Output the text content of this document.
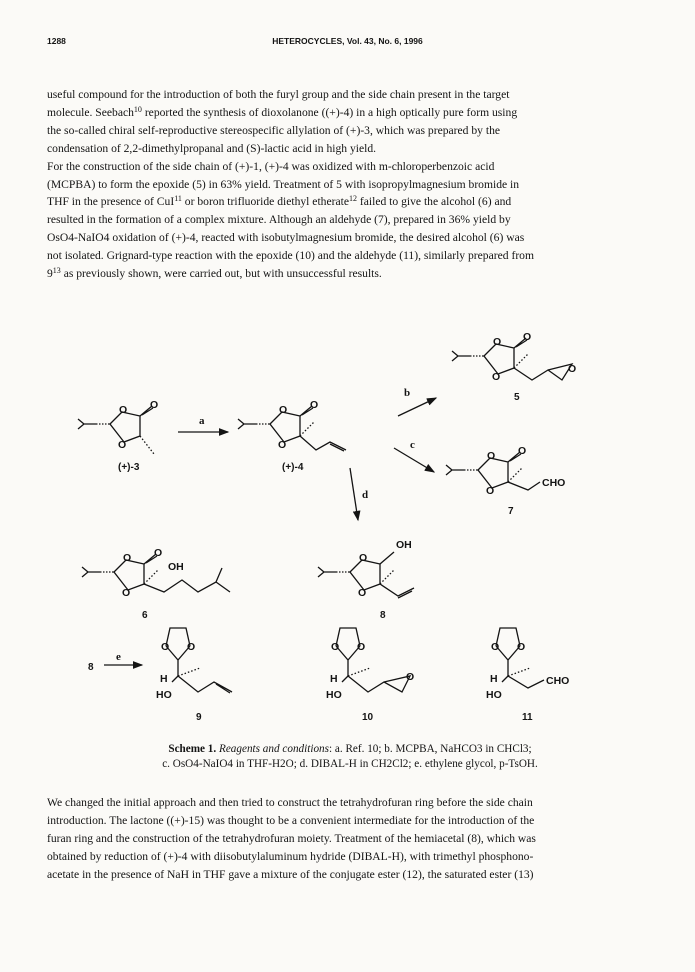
1288	HETEROCYCLES, Vol. 43, No. 6, 1996

useful compound for the introduction of both the furyl group and the side chain present in the target

molecule. Seebach$^{10}$ reported the synthesis of dioxolanone ((+)-4) in a high optically pure form using

the so-called chiral self-reproductive stereospecific allylation of (+)-3, which was prepared by the

condensation of 2,2-dimethylpropanal and (S)-lactic acid in high yield.

For the construction of the side chain of (+)-1, (+)-4 was oxidized with m-chloroperbenzoic acid

(MCPBA) to form the epoxide (5) in 63% yield. Treatment of 5 with isopropylmagnesium bromide in

THF in the presence of CuI$^{11}$ or boron trifluoride diethyl etherate$^{12}$ failed to give the alcohol (6) and

resulted in the formation of a complex mixture. Although an aldehyde (7), prepared in 36% yield by

OsO4-NaIO4 oxidation of (+)-4, reacted with isobutylmagnesium bromide, the desired alcohol (6) was

not isolated. Grignard-type reaction with the epoxide (10) and the aldehyde (11), similarly prepared from

$9^{13}$ as previously shown, were carried out, but with unsuccessful results.

O O
O
O O
O
O O
O
O
O O
O
CHO
O O
O
OH
O
O
OH
O O
H
HO
O O
H
HO
O
O O
H
HO
CHO
(+)-3	(+)-4
5
7
6	8
9	10	11
8
a
b
c
d
e
Scheme 1. Reagents and conditions: a. Ref. 10; b. MCPBA, NaHCO3 in CHCl3;
c. OsO4-NaIO4 in THF-H2O; d. DIBAL-H in CH2Cl2; e. ethylene glycol, p-TsOH.

We changed the initial approach and then tried to construct the tetrahydrofuran ring before the side chain

introduction. The lactone ((+)-15) was thought to be a convenient intermediate for the introduction of the

furan ring and the construction of the tetrahydrofuran moiety. Treatment of the hemiacetal (8), which was

obtained by reduction of (+)-4 with diisobutylaluminum hydride (DIBAL-H), with trimethyl phosphono-

acetate in the presence of NaH in THF gave a mixture of the conjugate ester (12), the saturated ester (13)
